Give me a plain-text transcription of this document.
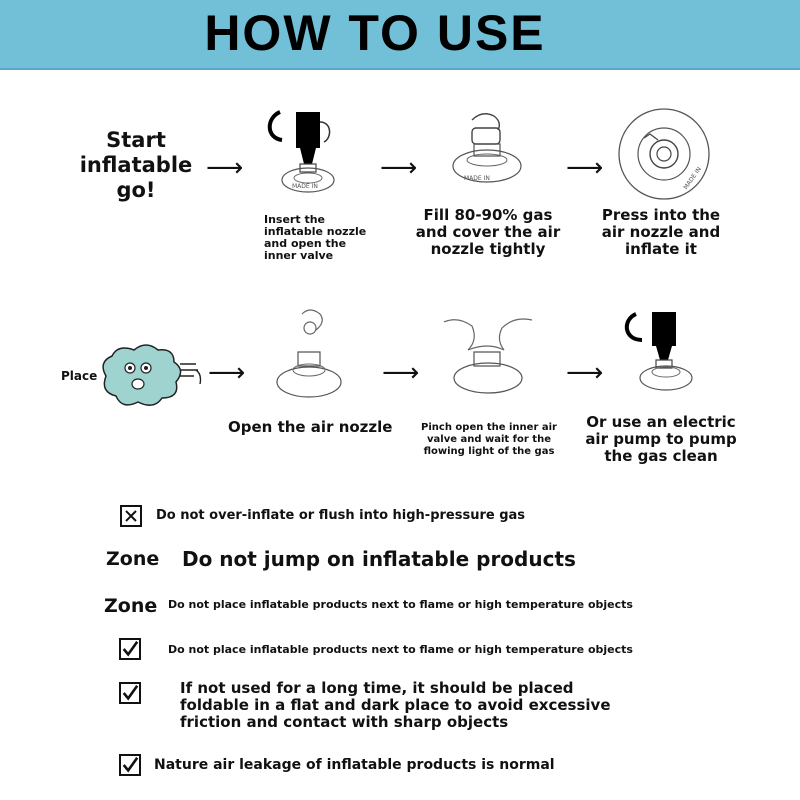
HOW TO USE
Start inflatable go!
⟶
MADE IN
Insert the inflatable nozzle and open the inner valve
⟶	MADE IN
Fill 80-90% gas and cover the air nozzle tightly
⟶	MADE IN
Press into the air nozzle and inflate it
Place	⟶
Open the air nozzle
⟶
Pinch open the inner air valve and wait for the flowing light of the gas
⟶
Or use an electric air pump to pump the gas clean
Do not over-inflate or flush into high-pressure gas
Zone Do not jump on inflatable products
Zone Do not place inflatable products next to flame or high temperature objects
Do not place inflatable products next to flame or high temperature objects
If not used for a long time, it should be placed foldable in a flat and dark place to avoid excessive friction and contact with sharp objects
Nature air leakage of inflatable products is normal
